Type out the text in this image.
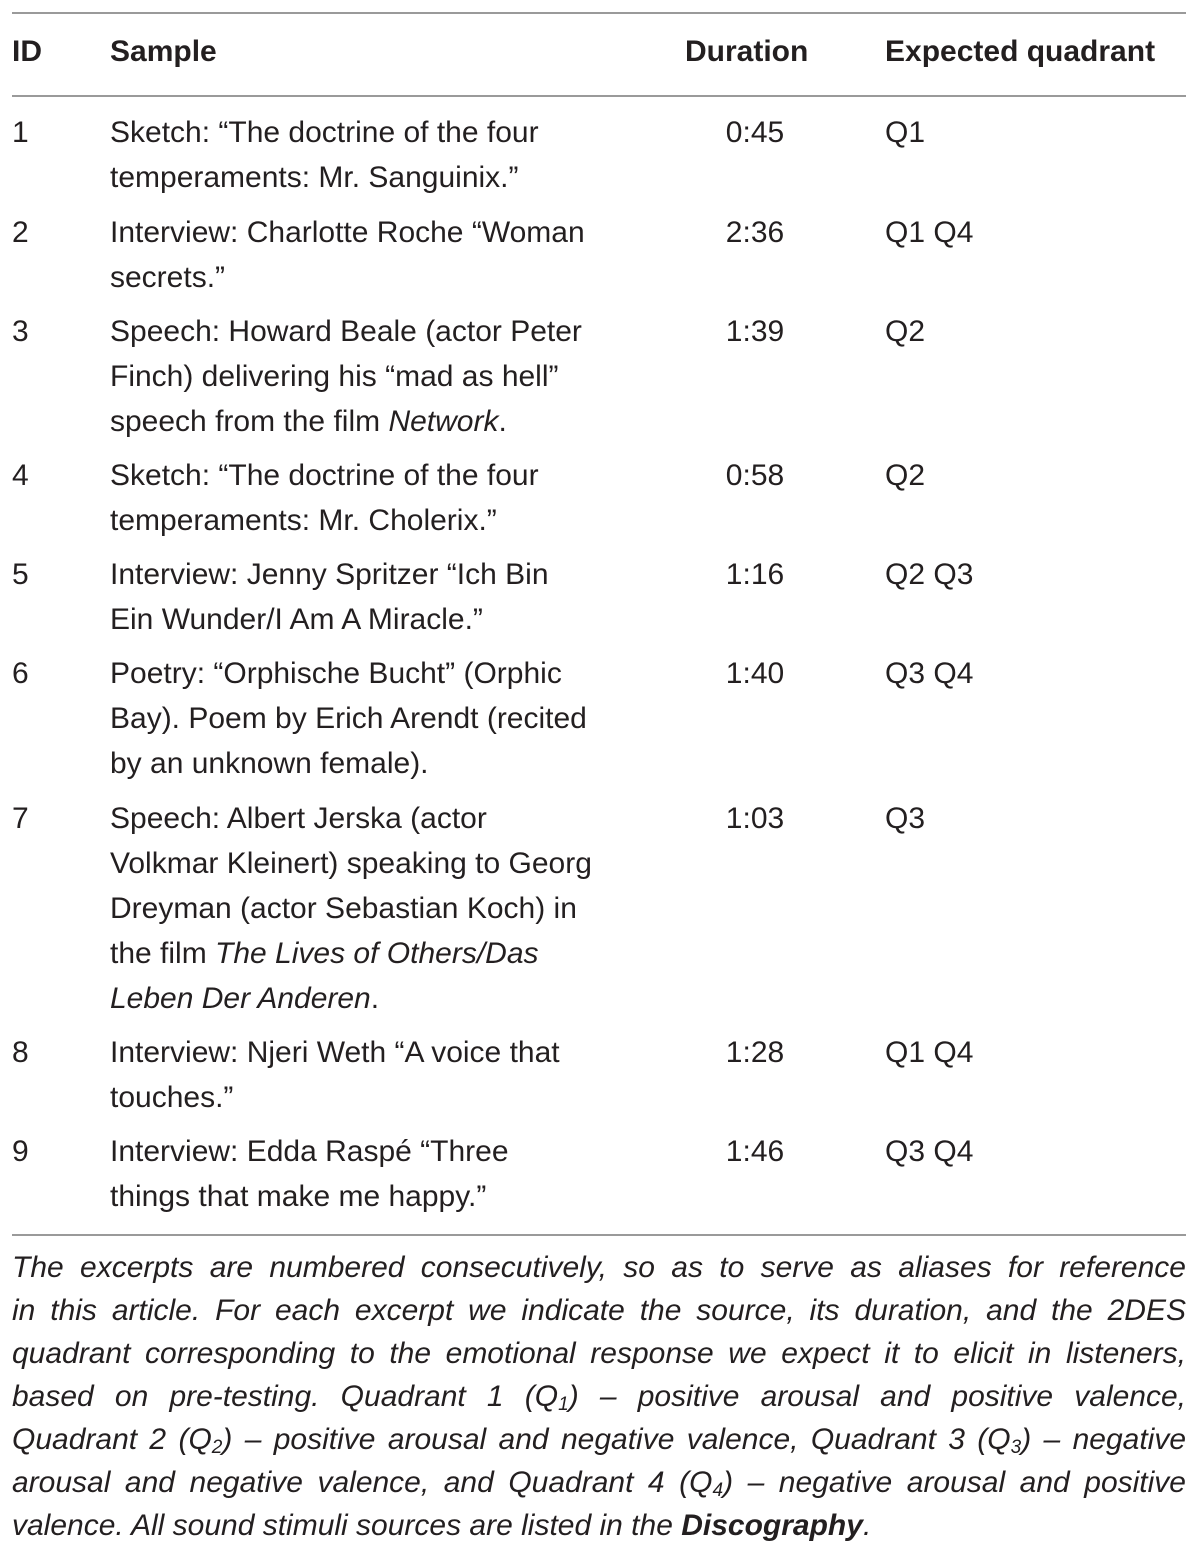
ID Sample	Duration	Expected quadrant
1	Sketch: “The doctrine of the four
temperaments: Mr. Sanguinix.”
0:45	Q1
2	Interview: Charlotte Roche “Woman
secrets.”
2:36	Q1 Q4
3	Speech: Howard Beale (actor Peter
Finch) delivering his “mad as hell”
speech from the film Network.
1:39	Q2
4	Sketch: “The doctrine of the four
temperaments: Mr. Cholerix.”
0:58	Q2
5	Interview: Jenny Spritzer “Ich Bin
Ein Wunder/I Am A Miracle.”
1:16	Q2 Q3
6	Poetry: “Orphische Bucht” (Orphic
Bay). Poem by Erich Arendt (recited
by an unknown female).
1:40	Q3 Q4
7	Speech: Albert Jerska (actor
Volkmar Kleinert) speaking to Georg
Dreyman (actor Sebastian Koch) in
the film The Lives of Others/Das
Leben Der Anderen.
1:03	Q3
8	Interview: Njeri Weth “A voice that
touches.”
1:28	Q1 Q4
9	Interview: Edda Raspé “Three
things that make me happy.”
1:46	Q3 Q4
The excerpts are numbered consecutively, so as to serve as aliases for reference
in this article. For each excerpt we indicate the source, its duration, and the 2DES
quadrant corresponding to the emotional response we expect it to elicit in listeners,
based on pre-testing. Quadrant 1 $(Q_1)$ – positive arousal and positive valence,
Quadrant 2 $(Q_2)$ – positive arousal and negative valence, Quadrant 3 $(Q_3)$ – negative
arousal and negative valence, and Quadrant 4 $(Q_4)$ – negative arousal and positive
valence. All sound stimuli sources are listed in the Discography.
